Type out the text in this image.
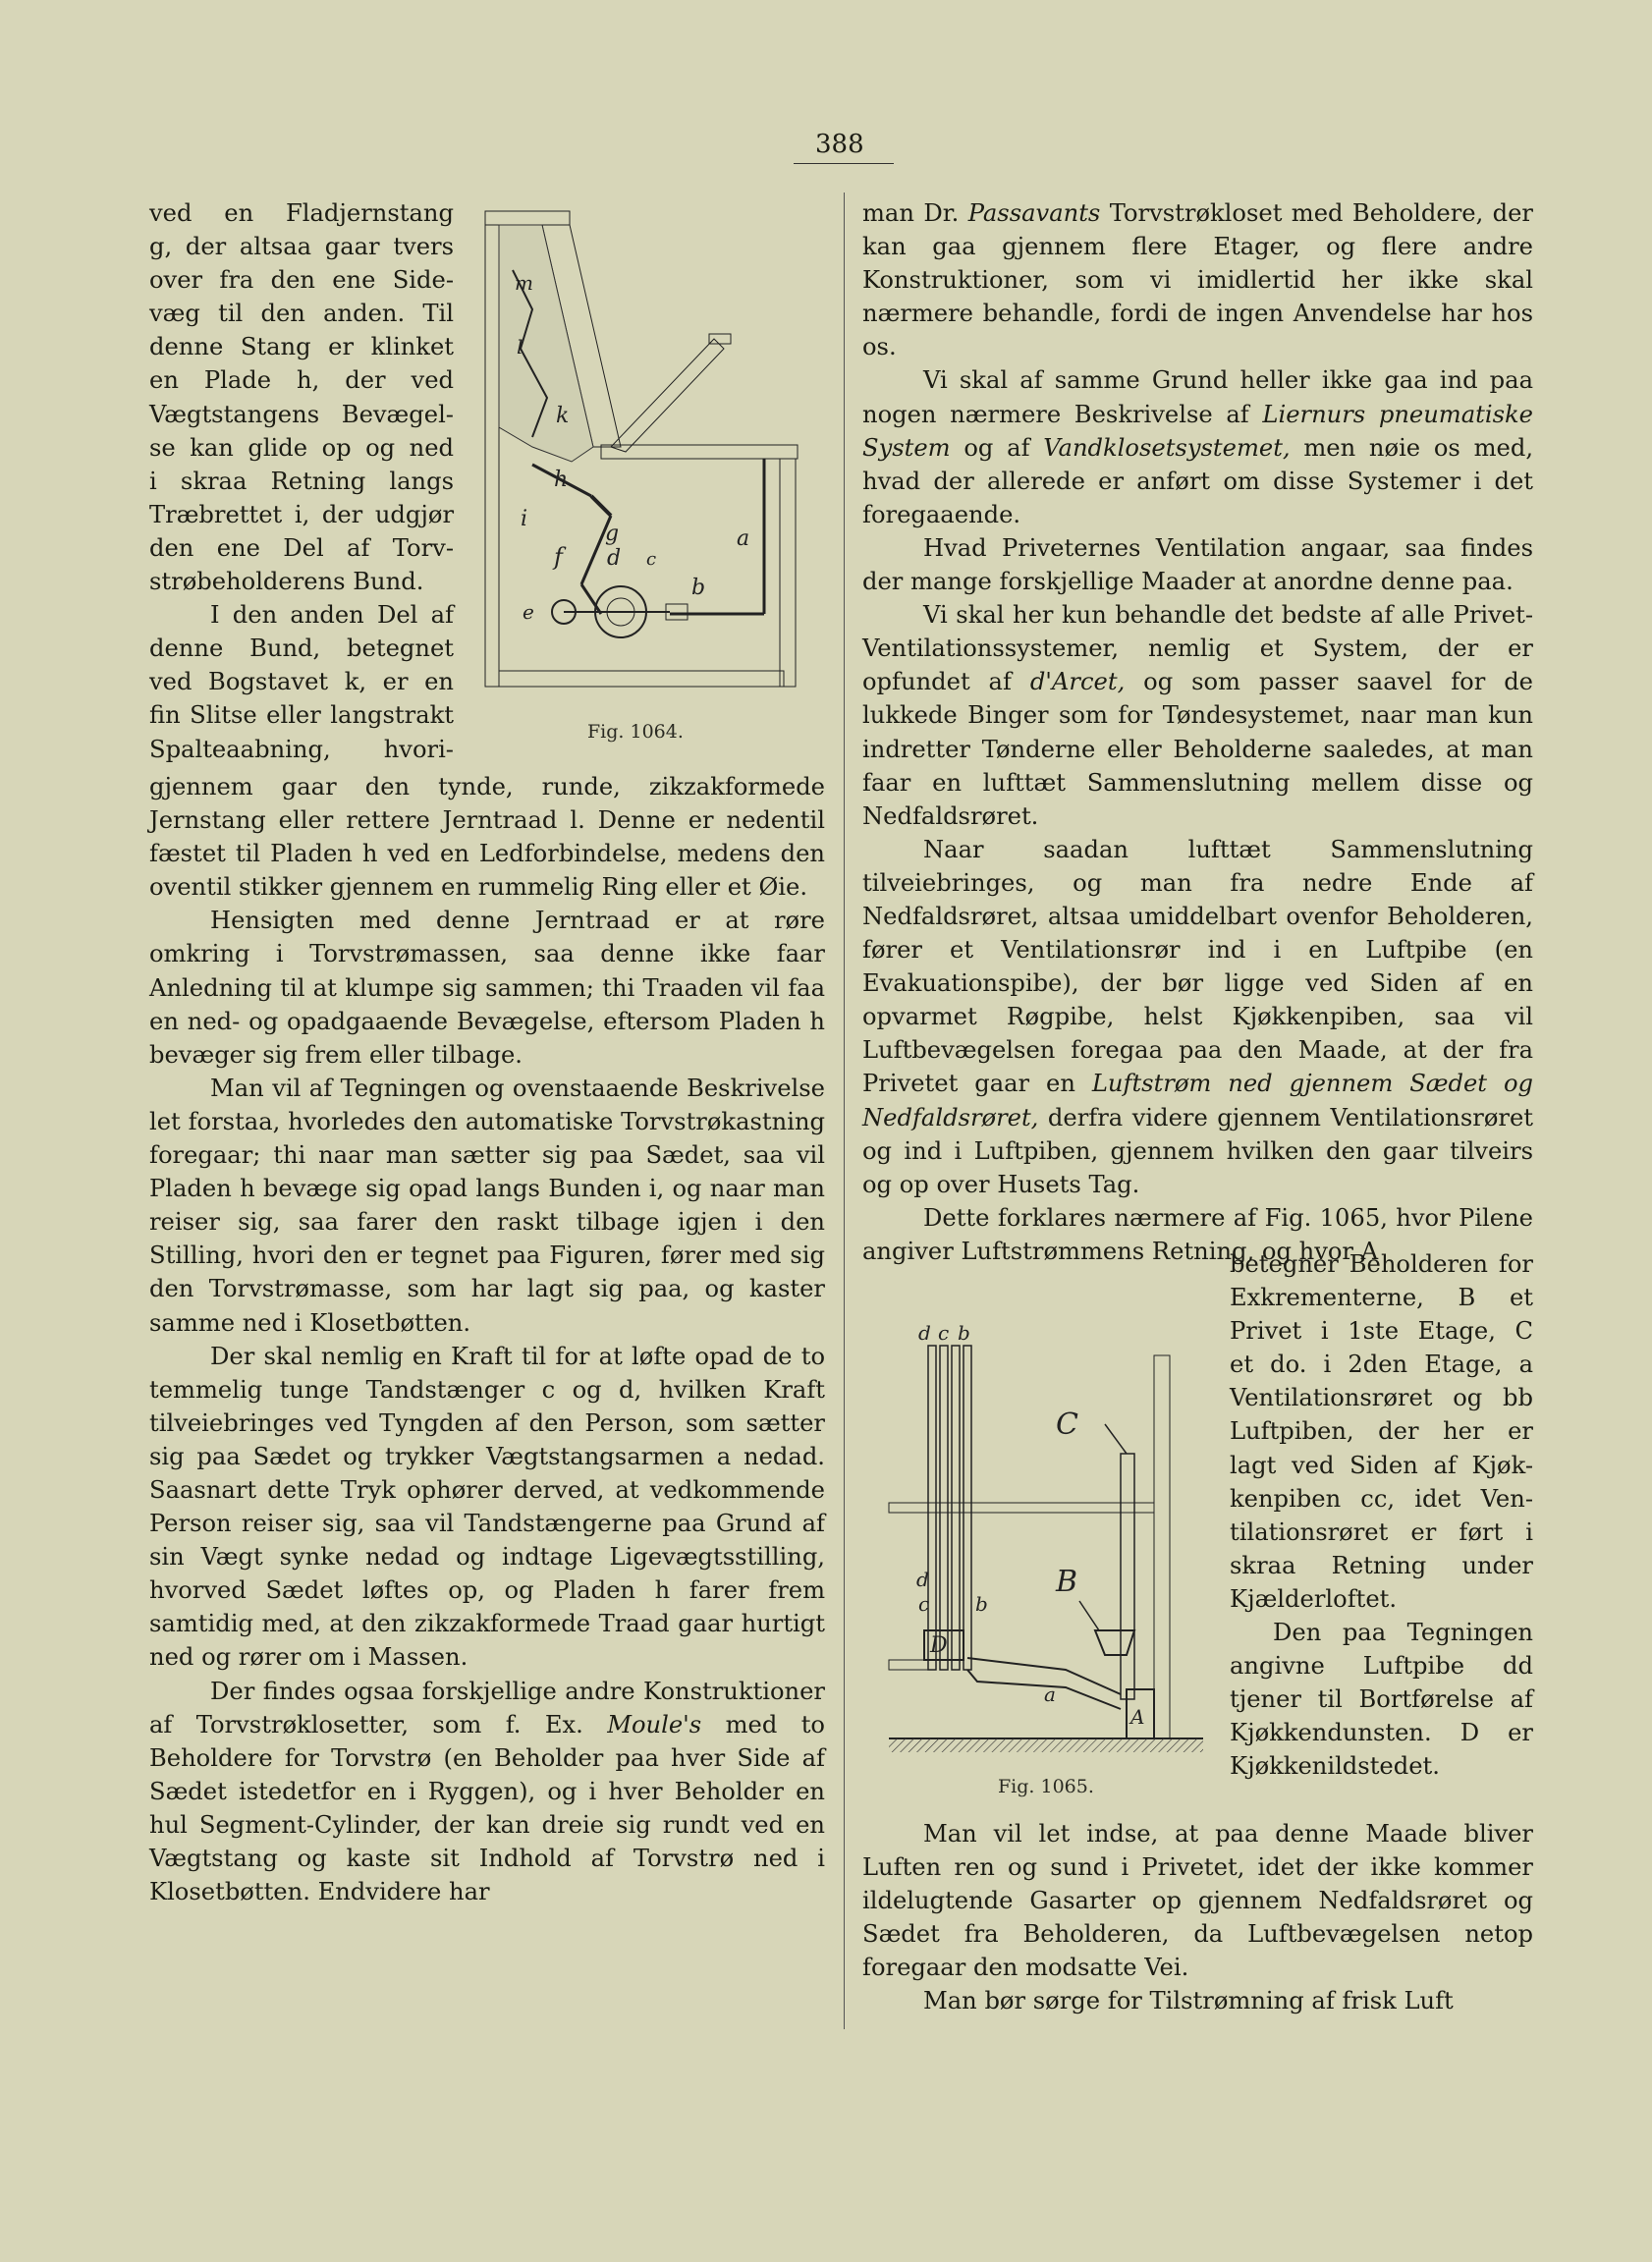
388
ved en Fladjernstang
g, der altsaa gaar tvers
over fra den ene Side-
væg til den anden. Til
denne Stang er klinket
en Plade h, der ved
Vægtstangens Bevægel-
se kan glide op og ned
i skraa Retning langs
Træbrettet i, der udgjør
den ene Del af Torv-
strøbeholderens Bund.
I den anden Del af
denne Bund, betegnet
ved Bogstavet k, er en
fin Slitse eller langstrakt
Spalteaabning, hvori-
m
l
k
h
g
i
f d c
b
a
e
Fig. 1064.

gjennem gaar den tynde, runde, zikzakformede Jernstang eller rettere Jerntraad l. Denne er nedentil fæstet til Pladen h ved en Ledforbindelse, medens den oventil stikker gjennem en rummelig Ring eller et Øie.

Hensigten med denne Jerntraad er at røre omkring i Torvstrømassen, saa denne ikke faar Anledning til at klumpe sig sammen; thi Traaden vil faa en ned- og opadgaaende Bevægelse, eftersom Pladen h bevæger sig frem eller tilbage.

Man vil af Tegningen og ovenstaaende Beskrivelse let forstaa, hvorledes den automatiske Torvstrøkastning foregaar; thi naar man sætter sig paa Sædet, saa vil Pladen h bevæge sig opad langs Bunden i, og naar man reiser sig, saa farer den raskt tilbage igjen i den Stilling, hvori den er tegnet paa Figuren, fører med sig den Torvstrømasse, som har lagt sig paa, og kaster samme ned i Klosetbøtten.

Der skal nemlig en Kraft til for at løfte opad de to temmelig tunge Tandstænger c og d, hvilken Kraft tilveiebringes ved Tyngden af den Person, som sætter sig paa Sædet og trykker Vægtstangsarmen a nedad. Saasnart dette Tryk ophører derved, at vedkommende Person reiser sig, saa vil Tandstængerne paa Grund af sin Vægt synke nedad og indtage Ligevægtsstilling, hvorved Sædet løftes op, og Pladen h farer frem samtidig med, at den zikzakformede Traad gaar hurtigt ned og rører om i Massen.

Der findes ogsaa forskjellige andre Konstruktioner af Torvstrøklosetter, som f. Ex. Moule's med to Beholdere for Torvstrø (en Beholder paa hver Side af Sædet istedetfor en i Ryggen), og i hver Beholder en hul Segment-Cylinder, der kan dreie sig rundt ved en Vægtstang og kaste sit Indhold af Torvstrø ned i Klosetbøtten. Endvidere har

man Dr. Passavants Torvstrøkloset med Beholdere, der kan gaa gjennem flere Etager, og flere andre Konstruktioner, som vi imidlertid her ikke skal nærmere behandle, fordi de ingen Anvendelse har hos os.

Vi skal af samme Grund heller ikke gaa ind paa nogen nærmere Beskrivelse af Liernurs pneumatiske System og af Vandklosetsystemet, men nøie os med, hvad der allerede er anført om disse Systemer i det foregaaende.

Hvad Priveternes Ventilation angaar, saa findes der mange forskjellige Maader at anordne denne paa.

Vi skal her kun behandle det bedste af alle Privet-Ventilationssystemer, nemlig et System, der er opfundet af d'Arcet, og som passer saavel for de lukkede Binger som for Tøndesystemet, naar man kun indretter Tønderne eller Beholderne saaledes, at man faar en lufttæt Sammenslutning mellem disse og Nedfaldsrøret.

Naar saadan lufttæt Sammenslutning tilveiebringes, og man fra nedre Ende af Nedfaldsrøret, altsaa umiddelbart ovenfor Beholderen, fører et Ventilationsrør ind i en Luftpibe (en Evakuationspibe), der bør ligge ved Siden af en opvarmet Røgpibe, helst Kjøkkenpiben, saa vil Luftbevægelsen foregaa paa den Maade, at der fra Privetet gaar en Luftstrøm ned gjennem Sædet og Nedfaldsrøret, derfra videre gjennem Ventilationsrøret og ind i Luftpiben, gjennem hvilken den gaar tilveirs og op over Husets Tag.

Dette forklares nærmere af Fig. 1065, hvor Pilene angiver Luftstrømmens Retning, og hvor A

d c b
C
B
A
D
d
c b
a
Fig. 1065.
betegner Beholderen for
Exkrementerne, B et
Privet i 1ste Etage, C
et do. i 2den Etage, a
Ventilationsrøret og bb
Luftpiben, der her er
lagt ved Siden af Kjøk-
kenpiben cc, idet Ven-
tilationsrøret er ført i
skraa Retning under
Kjælderloftet.
Den paa Tegningen
angivne Luftpibe dd
tjener til Bortførelse af
Kjøkkendunsten. D er
Kjøkkenildstedet.

Man vil let indse, at paa denne Maade bliver Luften ren og sund i Privetet, idet der ikke kommer ildelugtende Gasarter op gjennem Nedfaldsrøret og Sædet fra Beholderen, da Luftbevægelsen netop foregaar den modsatte Vei.

Man bør sørge for Tilstrømning af frisk Luft
